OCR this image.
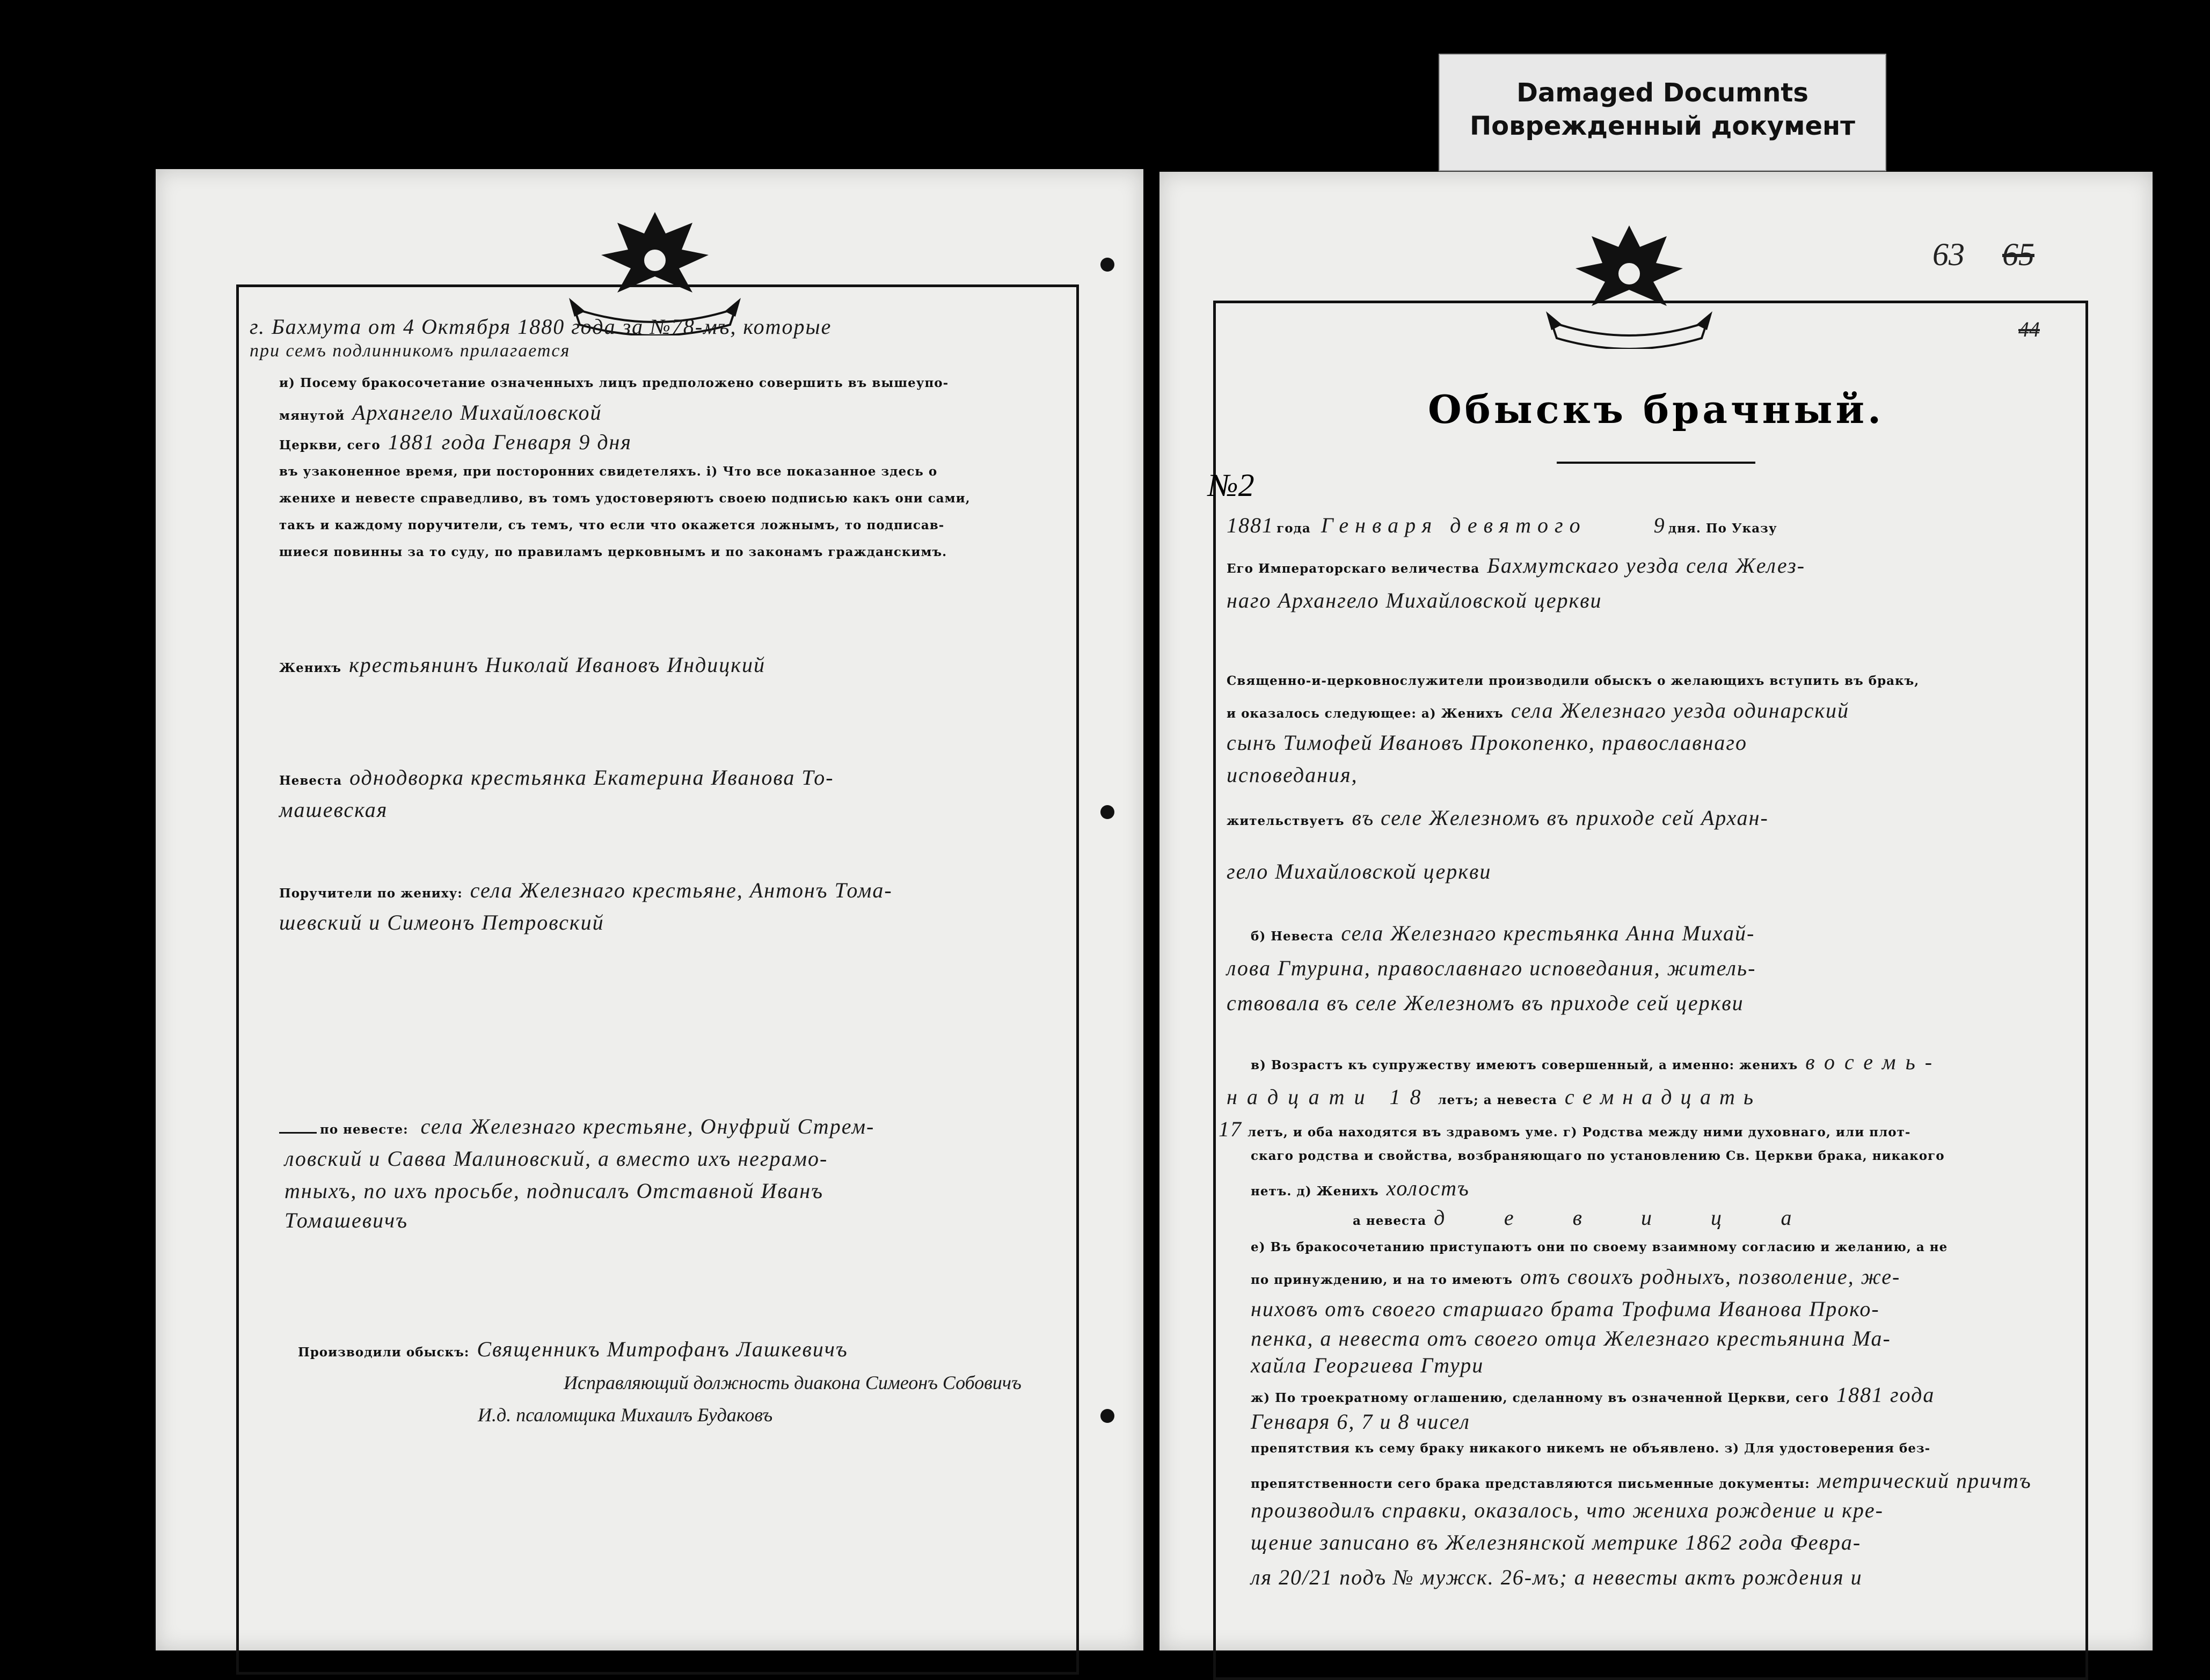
Damaged Documnts
Поврежденный документ
г. Бахмута от 4 Октября 1880 года за №78-мъ, которые
при семъ подлинникомъ прилагается
и) Посему бракосочетание означенныхъ лицъ предположено совершить въ вышеупо-
мянутой Архангело Михайловской
Церкви, сего 1881 года Генваря 9 дня
въ узаконенное время, при посторонних свидетеляхъ. і) Что все показанное здесь о
женихе и невесте справедливо, въ томъ удостоверяютъ своею подписью какъ они сами,
такъ и каждому поручители, съ темъ, что если что окажется ложнымъ, то подписав-
шиеся повинны за то суду, по правиламъ церковнымъ и по законамъ гражданскимъ.
Женихъ крестьянинъ Николай Ивановъ Индицкий
Невеста однодворка крестьянка Екатерина Иванова То-
машевская
Поручители по жениху: села Железнаго крестьяне, Антонъ Тома-
шевский и Симеонъ Петровский
по невесте: села Железнаго крестьяне, Онуфрий Стрем-
ловский и Савва Малиновский, а вместо ихъ неграмо-
тныхъ, по ихъ просьбе, подписалъ Отставной Иванъ
Томашевичъ
Производили обыскъ: Священникъ Митрофанъ Лашкевичъ
Исправляющий должность диакона Симеонъ Собовичъ
И.д. псаломщика Михаилъ Будаковъ
63 65
44
Обыскъ брачный.
№2
1881 года Генваря девятого	9 дня. По Указу
Его Императорскаго величества Бахмутскаго уезда села Желез-
наго Архангело Михайловской церкви
Священно-и-церковнослужители производили обыскъ о желающихъ вступить въ бракъ,
и оказалось следующее: а) Женихъ села Железнаго уезда одинарский
сынъ Тимофей Ивановъ Прокопенко, православнаго
исповедания,
жительствуетъ въ селе Железномъ въ приходе сей Архан-
гело Михайловской церкви
б) Невеста села Железнаго крестьянка Анна Михай-
лова Гтурина, православнаго исповедания, житель-
ствовала въ селе Железномъ въ приходе сей церкви
в) Возрастъ къ супружеству имеютъ совершенный, а именно: женихъ восемь-
надцати 18 летъ; а невеста семнадцать
17 летъ, и оба находятся въ здравомъ уме. г) Родства между ними духовнаго, или плот-
скаго родства и свойства, возбраняющаго по установлению Св. Церкви брака, никакого
нетъ. д) Женихъ холостъ
а невеста девица
е) Въ бракосочетанию приступаютъ они по своему взаимному согласию и желанию, а не
по принуждению, и на то имеютъ отъ своихъ родныхъ, позволение, же-
ниховъ отъ своего старшаго брата Трофима Иванова Проко-
пенка, а невеста отъ своего отца Железнаго крестьянина Ма-
хайла Георгиева Гтури
ж) По троекратному оглашению, сделанному въ означенной Церкви, сего 1881 года
Генваря 6, 7 и 8 чисел
препятствия къ сему браку никакого никемъ не объявлено. з) Для удостоверения без-
препятственности сего брака представляются письменные документы: метрический причтъ
производилъ справки, оказалось, что жениха рождение и кре-
щение записано въ Железнянской метрике 1862 года Февра-
ля 20/21 подъ № мужск. 26-мъ; а невесты актъ рождения и
